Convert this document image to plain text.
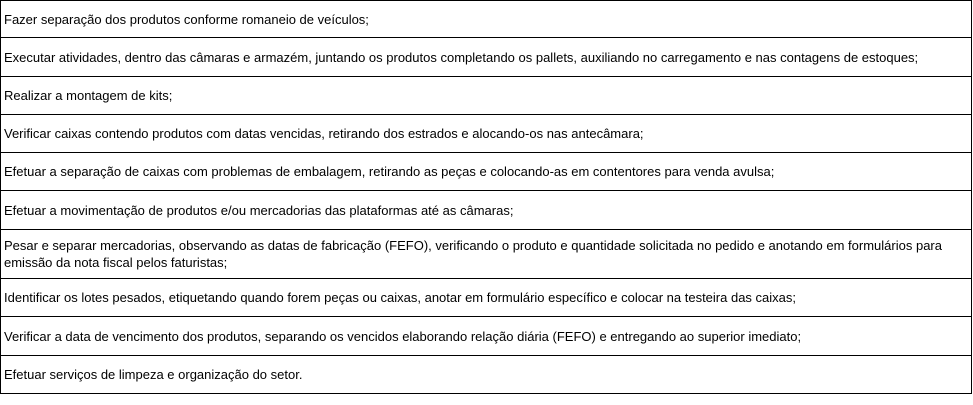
Fazer separação dos produtos conforme romaneio de veículos;
Executar atividades, dentro das câmaras e armazém, juntando os produtos completando os pallets, auxiliando no carregamento e nas contagens de estoques;
Realizar a montagem de kits;
Verificar caixas contendo produtos com datas vencidas, retirando dos estrados e alocando-os nas antecâmara;
Efetuar a separação de caixas com problemas de embalagem, retirando as peças e colocando-as em contentores para venda avulsa;
Efetuar a movimentação de produtos e/ou mercadorias das plataformas até as câmaras;
Pesar e separar mercadorias, observando as datas de fabricação (FEFO), verificando o produto e quantidade solicitada no pedido e anotando em formulários para emissão da nota fiscal pelos faturistas;
Identificar os lotes pesados, etiquetando quando forem peças ou caixas, anotar em formulário específico e colocar na testeira das caixas;
Verificar a data de vencimento dos produtos, separando os vencidos elaborando relação diária (FEFO) e entregando ao superior imediato;
Efetuar serviços de limpeza e organização do setor.
